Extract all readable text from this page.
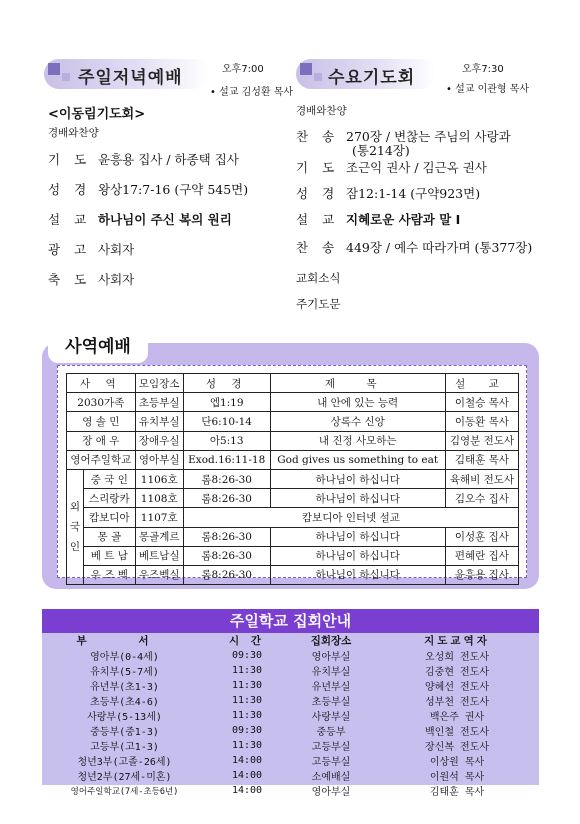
주일저녁예배	오후7:00
• 설교 김성환 목사
<이동림기도회>
경배와찬양
기도윤흥용 집사 / 하종택 집사
성경왕상17:7-16 (구약 545면)
설교하나님이 주신 복의 원리
광고사회자
축도사회자
수요기도회	오후7:30
• 설교 이관형 목사
경배와찬양
찬송270장 / 변찮는 주님의 사랑과
(통214장)
기도조근익 권사 / 김근옥 권사
성경잠12:1-14 (구약923면)
설교지혜로운 사람과 말 Ⅰ
찬송449장 / 예수 따라가며 (통377장)
교회소식
주기도문
사역예배
사 역		모임장소	성 경	제 목	설 교
2030가족		초등부실	엡1:19	내 안에 있는 능력	이철승 목사
영 솔 민		유치부실	단6:10-14	상록수 신앙	이동환 목사
장 애 우		장애우실	아5:13	내 진정 사모하는	김영분 전도사
영어주일학교		영아부실	Exod.16:11-18	God gives us something to eat	김태훈 목사
외국인	중 국 인	1106호	롬8:26-30	하나님이 하십니다	육해비 전도사
	스리랑카	1108호	롬8:26-30	하나님이 하십니다	김오수 집사
	캄보디아	1107호	캄보디아 인터넷 설교		
	몽 골	몽골계르	롬8:26-30	하나님이 하십니다	이성훈 집사
	베 트 남	베트남실	롬8:26-30	하나님이 하십니다	편혜란 집사
	우 즈 벡	우즈벡실	롬8:26-30	하나님이 하십니다	윤흥용 집사
주일학교 집회안내
부 서	시 간	집회장소	지도교역자
영아부(0-4세)	09:30	영아부실	오성희 전도사
유치부(5-7세)	11:30	유치부실	김중현 전도사
유년부(초1-3)	11:30	유년부실	양혜선 전도사
초등부(초4-6)	11:30	초등부실	성부천 전도사
사랑부(5-13세)	11:30	사랑부실	백은주 권사
중등부(중1-3)	09:30	중등부	백인철 전도사
고등부(고1-3)	11:30	고등부실	장신복 전도사
청년3부(고졸-26세)	14:00	고등부실	이상원 목사
청년2부(27세-미혼)	14:00	소예배실	이원석 목사
영어주일학교(7세-초등6년)	14:00	영아부실	김태훈 목사
